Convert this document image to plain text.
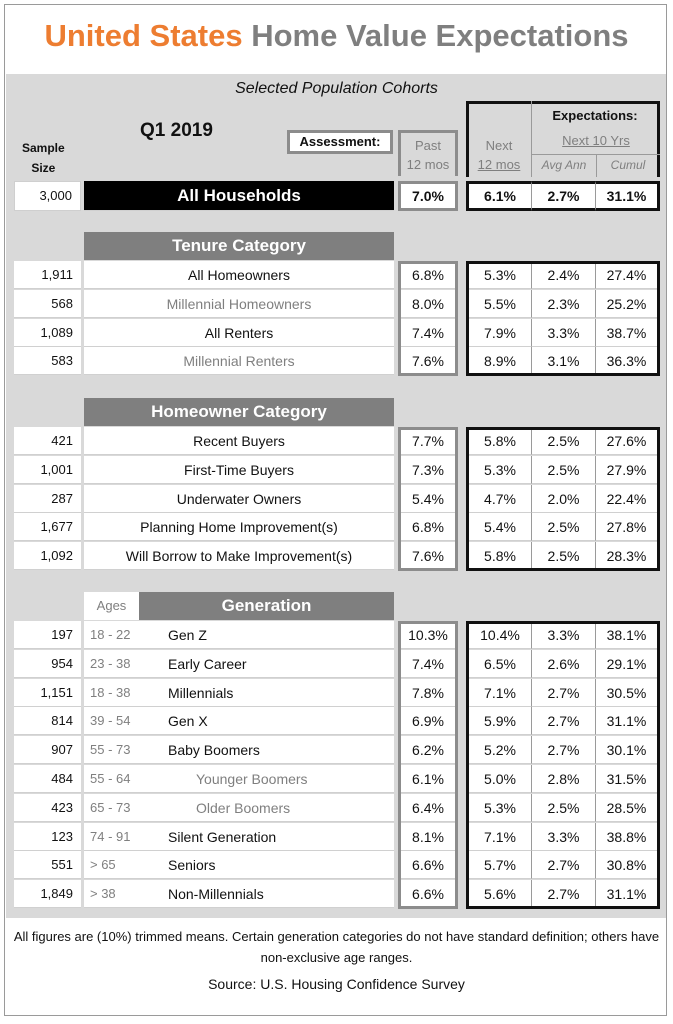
United States Home Value Expectations
Selected Population Cohorts
Q1 2019
Sample
Size
Assessment:	Past
12 mos
Expectations:
Next
12 mos
Next 10 Yrs
Avg Ann	Cumul
3,000	All Households	7.0%	6.1%	2.7%	31.1%
Tenure Category
1,911	All Homeowners	6.8%	5.3%	2.4%	27.4%
568	Millennial Homeowners	8.0%	5.5%	2.3%	25.2%
1,089	All Renters	7.4%	7.9%	3.3%	38.7%
583	Millennial Renters	7.6%	8.9%	3.1%	36.3%
Homeowner Category
421	Recent Buyers	7.7%	5.8%	2.5%	27.6%
1,001	First-Time Buyers	7.3%	5.3%	2.5%	27.9%
287	Underwater Owners	5.4%	4.7%	2.0%	22.4%
1,677	Planning Home Improvement(s)	6.8%	5.4%	2.5%	27.8%
1,092	Will Borrow to Make Improvement(s)	7.6%	5.8%	2.5%	28.3%
Ages	Generation
197	18 - 22	Gen Z	10.3%	10.4%	3.3%	38.1%
954	23 - 38	Early Career	7.4%	6.5%	2.6%	29.1%
1,151	18 - 38	Millennials	7.8%	7.1%	2.7%	30.5%
814	39 - 54	Gen X	6.9%	5.9%	2.7%	31.1%
907	55 - 73	Baby Boomers	6.2%	5.2%	2.7%	30.1%
484	55 - 64	Younger Boomers	6.1%	5.0%	2.8%	31.5%
423	65 - 73	Older Boomers	6.4%	5.3%	2.5%	28.5%
123	74 - 91	Silent Generation	8.1%	7.1%	3.3%	38.8%
551	> 65	Seniors	6.6%	5.7%	2.7%	30.8%
1,849	> 38	Non-Millennials	6.6%	5.6%	2.7%	31.1%
All figures are (10%) trimmed means. Certain generation categories do not have standard definition; others have non-exclusive age ranges.
Source: U.S. Housing Confidence Survey
